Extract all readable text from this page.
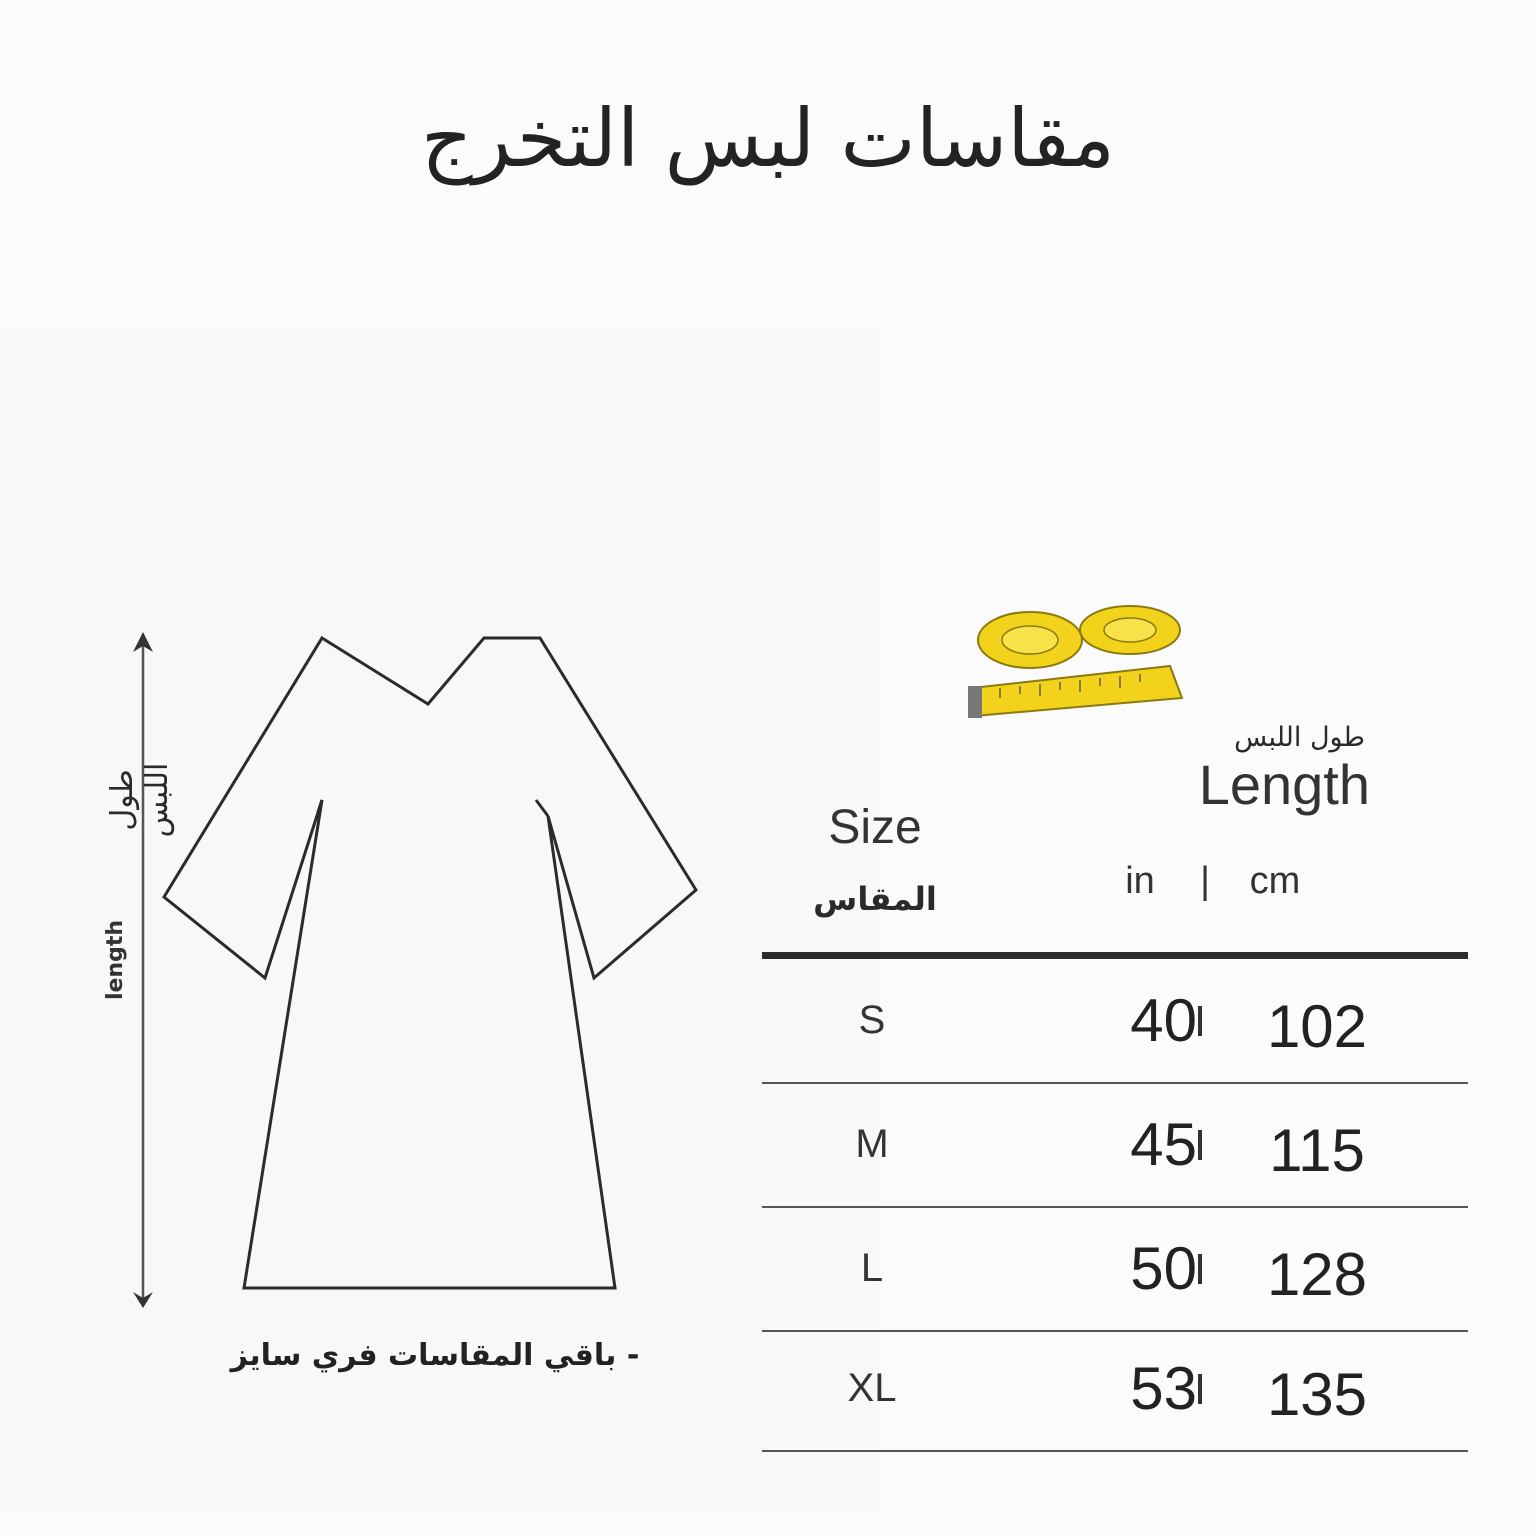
مقاسات لبس التخرج
طول اللبس
length
- باقي المقاسات فري سايز
طول اللبس
Length
Size
المقاس	in	|	cm
S	40	102
M	45	115
L	50	128
XL	53	135
